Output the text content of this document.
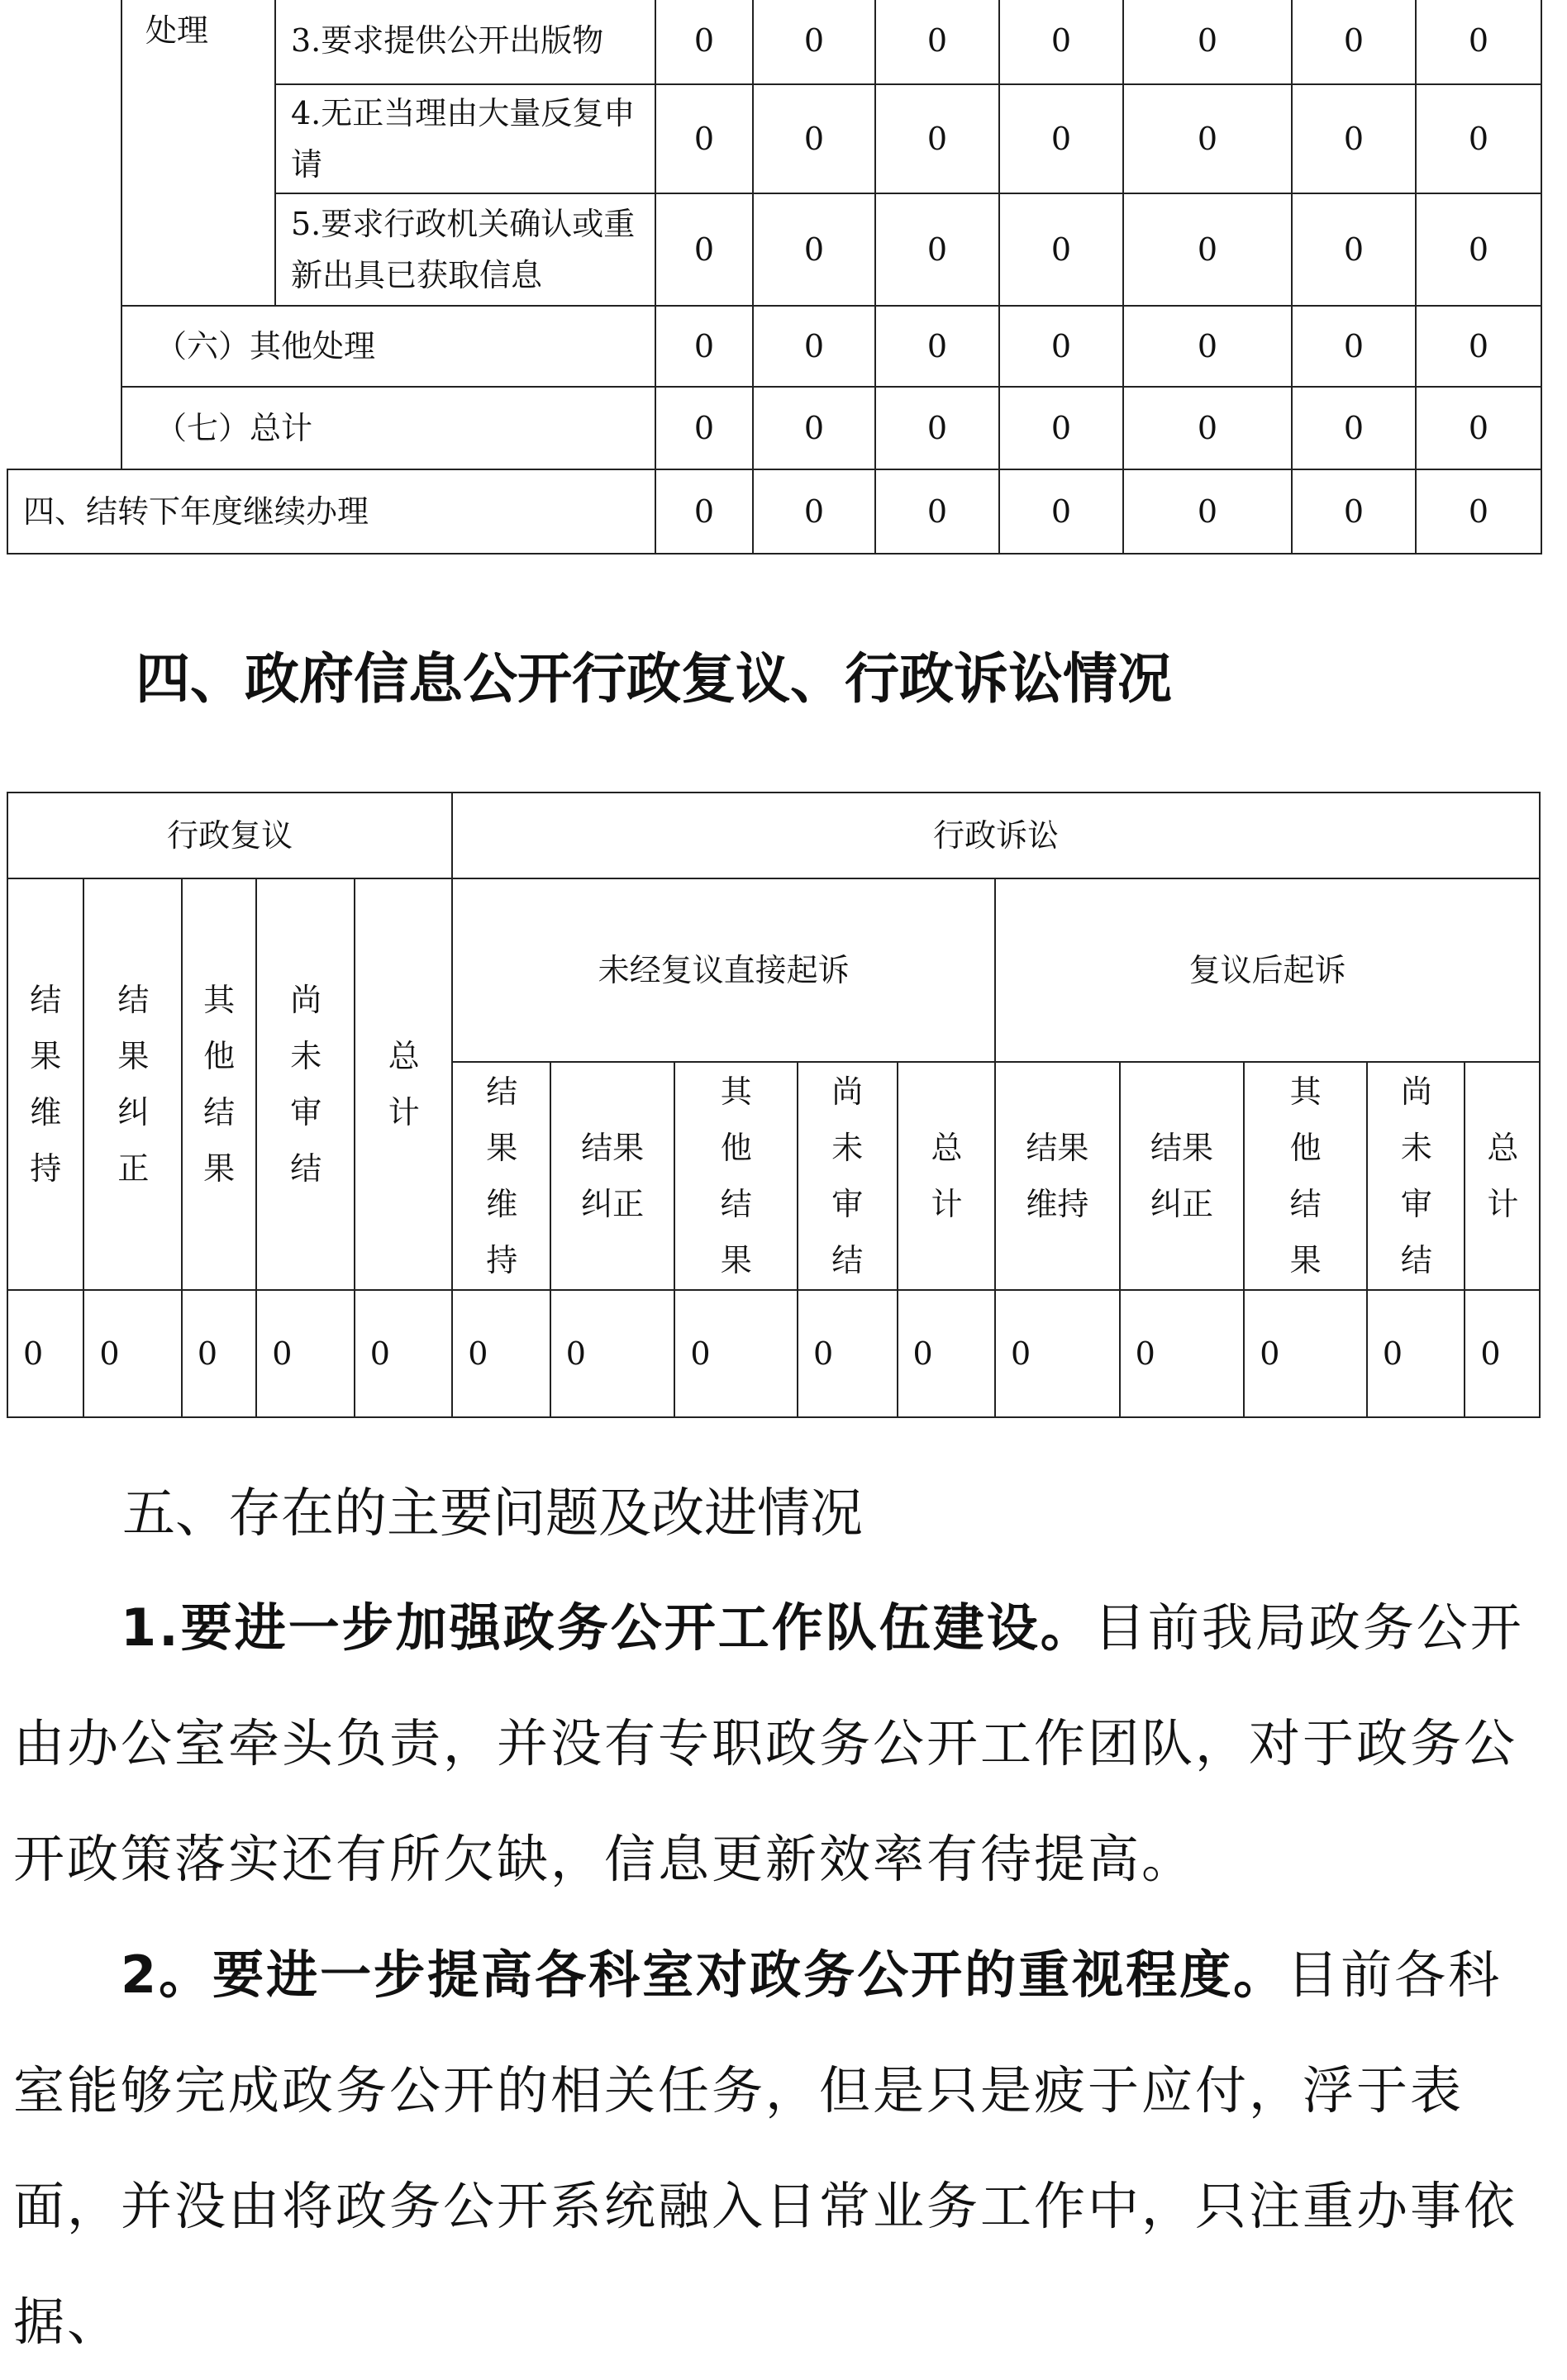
	处理	3.要求提供公开出版物	0	0	0	0	0	0	0
		4.无正当理由大量反复申请	0	0	0	0	0	0	0
		5.要求行政机关确认或重新出具已获取信息	0	0	0	0	0	0	0
	（六）其他处理		0	0	0	0	0	0	0
	（七）总计		0	0	0	0	0	0	0
四、结转下年度继续办理			0	0	0	0	0	0	0
四、政府信息公开行政复议、行政诉讼情况
行政复议					行政诉讼									
结果维持	结果纠正	其他结果	尚未审结	总计	未经复议直接起诉					复议后起诉				
					结果维持	结果纠正	其他结果	尚未审结	总计	结果维持	结果纠正	其他结果	尚未审结	总计
0	0	0	0	0	0	0	0	0	0	0	0	0	0	0
五、存在的主要问题及改进情况

1.要进一步加强政务公开工作队伍建设。目前我局政务公开由办公室牵头负责，并没有专职政务公开工作团队，对于政务公开政策落实还有所欠缺，信息更新效率有待提高。

2。要进一步提高各科室对政务公开的重视程度。目前各科室能够完成政务公开的相关任务，但是只是疲于应付，浮于表面，并没由将政务公开系统融入日常业务工作中，只注重办事依据、
